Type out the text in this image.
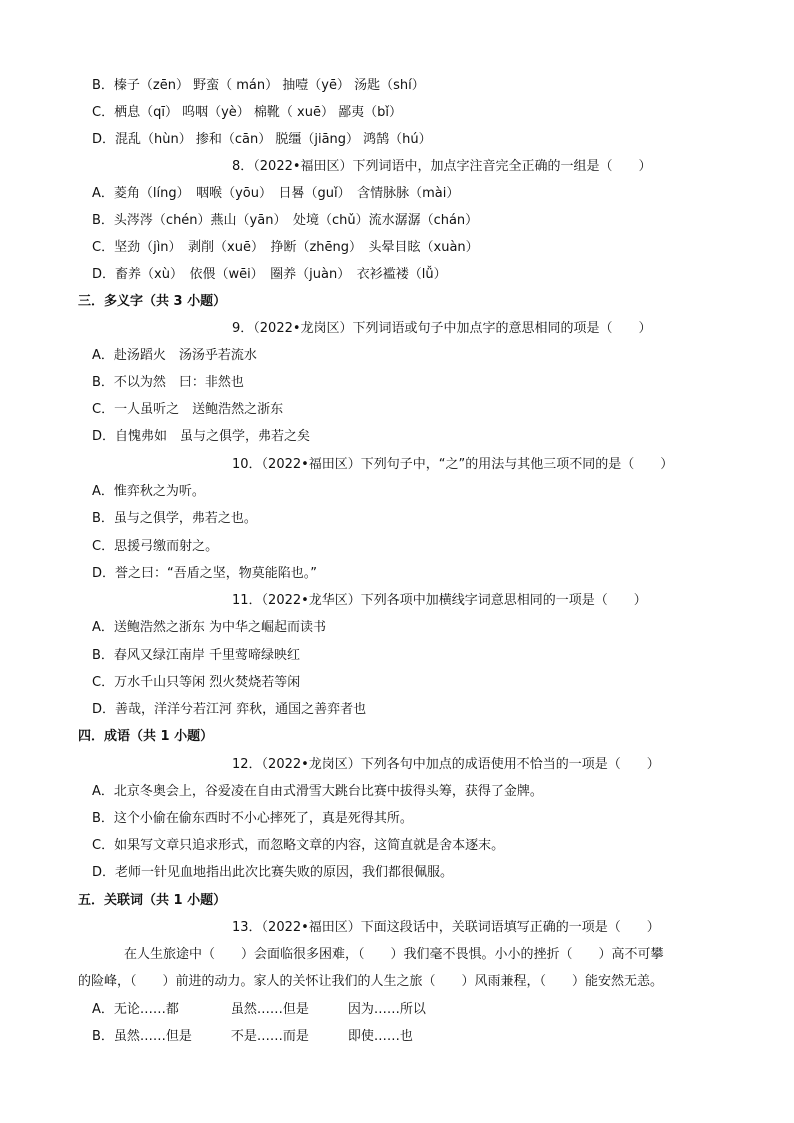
B．榛子（zēn） 野蛮（ mán） 抽噎（yē） 汤匙（shí）
C．栖息（qī） 呜咽（yè） 棉靴（ xuē） 鄙夷（bǐ）
D．混乱（hùn） 掺和（cān） 脱缰（jiāng） 鸿鹄（hú）
8．（2022•福田区）下列词语中，加点字注音完全正确的一组是（　　）
A．菱角（líng）　咽喉（yōu）　日晷（guǐ）　含情脉脉（mài）
B．头涔涔（chén）燕山（yān）　处境（chǔ）流水潺潺（chán）
C．坚劲（jìn）　剥削（xuē）　挣断（zhēng）　头晕目眩（xuàn）
D．畜养（xù）　依偎（wēi）　圈养（juàn）　衣衫褴褛（lǚ）
三．多义字（共 3 小题）
9．（2022•龙岗区）下列词语或句子中加点字的意思相同的项是（　　）
A．赴汤蹈火　汤汤乎若流水
B．不以为然　曰：非然也
C．一人虽听之　送鲍浩然之浙东
D．自愧弗如　虽与之俱学，弗若之矣
10．（2022•福田区）下列句子中，“之”的用法与其他三项不同的是（　　）
A．惟弈秋之为听。
B．虽与之俱学，弗若之也。
C．思援弓缴而射之。
D．誉之曰：“吾盾之坚，物莫能陷也。”
11．（2022•龙华区）下列各项中加横线字词意思相同的一项是（　　）
A．送鲍浩然之浙东 为中华之崛起而读书
B．春风又绿江南岸 千里莺啼绿映红
C．万水千山只等闲 烈火焚烧若等闲
D．善哉，洋洋兮若江河 弈秋，通国之善弈者也
四．成语（共 1 小题）
12．（2022•龙岗区）下列各句中加点的成语使用不恰当的一项是（　　）
A．北京冬奥会上，谷爱凌在自由式滑雪大跳台比赛中拔得头筹，获得了金牌。
B．这个小偷在偷东西时不小心摔死了，真是死得其所。
C．如果写文章只追求形式，而忽略文章的内容，这简直就是舍本逐末。
D．老师一针见血地指出此次比赛失败的原因，我们都很佩服。
五．关联词（共 1 小题）
13．（2022•福田区）下面这段话中，关联词语填写正确的一项是（　　）
在人生旅途中（　　）会面临很多困难，（　　）我们毫不畏惧。小小的挫折（　　）高不可攀
的险峰，（　　）前进的动力。家人的关怀让我们的人生之旅（　　）风雨兼程，（　　）能安然无恙。
A．无论……都　　　　虽然……但是　　　因为……所以
B．虽然……但是　　　不是……而是　　　即使……也
